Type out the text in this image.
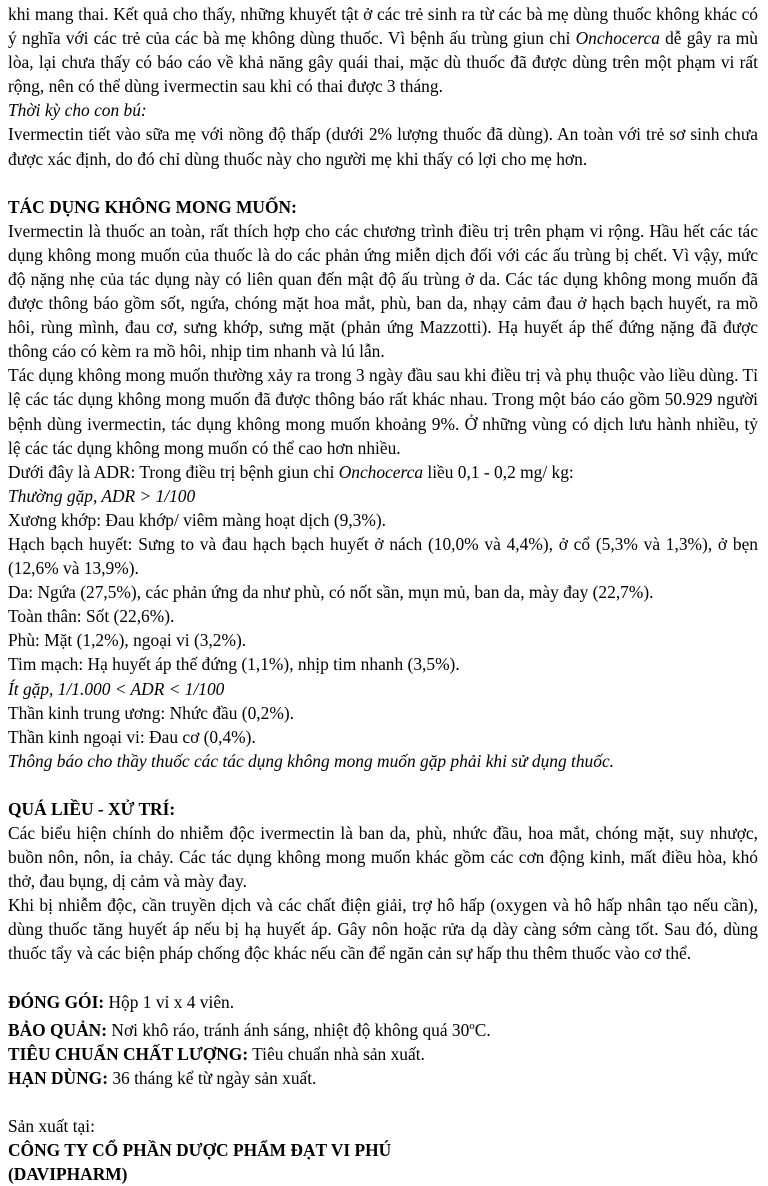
khi mang thai. Kết quả cho thấy, những khuyết tật ở các trẻ sinh ra từ các bà mẹ dùng thuốc không khác có ý nghĩa với các trẻ của các bà mẹ không dùng thuốc. Vì bệnh ấu trùng giun chỉ Onchocerca dễ gây ra mù lòa, lại chưa thấy có báo cáo về khả năng gây quái thai, mặc dù thuốc đã được dùng trên một phạm vi rất rộng, nên có thể dùng ivermectin sau khi có thai được 3 tháng.

Thời kỳ cho con bú:

Ivermectin tiết vào sữa mẹ với nồng độ thấp (dưới 2% lượng thuốc đã dùng). An toàn với trẻ sơ sinh chưa được xác định, do đó chỉ dùng thuốc này cho người mẹ khi thấy có lợi cho mẹ hơn.

TÁC DỤNG KHÔNG MONG MUỐN:

Ivermectin là thuốc an toàn, rất thích hợp cho các chương trình điều trị trên phạm vi rộng. Hầu hết các tác dụng không mong muốn của thuốc là do các phản ứng miễn dịch đối với các ấu trùng bị chết. Vì vậy, mức độ nặng nhẹ của tác dụng này có liên quan đến mật độ ấu trùng ở da. Các tác dụng không mong muốn đã được thông báo gồm sốt, ngứa, chóng mặt hoa mắt, phù, ban da, nhạy cảm đau ở hạch bạch huyết, ra mồ hôi, rùng mình, đau cơ, sưng khớp, sưng mặt (phản ứng Mazzotti). Hạ huyết áp thế đứng nặng đã được thông cáo có kèm ra mồ hôi, nhịp tim nhanh và lú lẫn.

Tác dụng không mong muốn thường xảy ra trong 3 ngày đầu sau khi điều trị và phụ thuộc vào liều dùng. Tỉ lệ các tác dụng không mong muốn đã được thông báo rất khác nhau. Trong một báo cáo gồm 50.929 người bệnh dùng ivermectin, tác dụng không mong muốn khoảng 9%. Ở những vùng có dịch lưu hành nhiều, tỷ lệ các tác dụng không mong muốn có thể cao hơn nhiều.

Dưới đây là ADR: Trong điều trị bệnh giun chỉ Onchocerca liều 0,1 - 0,2 mg/ kg:

Thường gặp, ADR > 1/100

Xương khớp: Đau khớp/ viêm màng hoạt dịch (9,3%).

Hạch bạch huyết: Sưng to và đau hạch bạch huyết ở nách (10,0% và 4,4%), ở cổ (5,3% và 1,3%), ở bẹn (12,6% và 13,9%).

Da: Ngứa (27,5%), các phản ứng da như phù, có nốt sần, mụn mủ, ban da, mày đay (22,7%).

Toàn thân: Sốt (22,6%).

Phù: Mặt (1,2%), ngoại vi (3,2%).

Tim mạch: Hạ huyết áp thế đứng (1,1%), nhịp tim nhanh (3,5%).

Ít gặp, 1/1.000 < ADR < 1/100

Thần kinh trung ương: Nhức đầu (0,2%).

Thần kinh ngoại vi: Đau cơ (0,4%).

Thông báo cho thầy thuốc các tác dụng không mong muốn gặp phải khi sử dụng thuốc.

QUÁ LIỀU - XỬ TRÍ:

Các biểu hiện chính do nhiễm độc ivermectin là ban da, phù, nhức đầu, hoa mắt, chóng mặt, suy nhược, buồn nôn, nôn, ỉa chảy. Các tác dụng không mong muốn khác gồm các cơn động kinh, mất điều hòa, khó thở, đau bụng, dị cảm và mày đay.

Khi bị nhiễm độc, cần truyền dịch và các chất điện giải, trợ hô hấp (oxygen và hô hấp nhân tạo nếu cần), dùng thuốc tăng huyết áp nếu bị hạ huyết áp. Gây nôn hoặc rửa dạ dày càng sớm càng tốt. Sau đó, dùng thuốc tẩy và các biện pháp chống độc khác nếu cần để ngăn cản sự hấp thu thêm thuốc vào cơ thể.

ĐÓNG GÓI: Hộp 1 vỉ x 4 viên.

BẢO QUẢN: Nơi khô ráo, tránh ánh sáng, nhiệt độ không quá 30$^o$C.

TIÊU CHUẨN CHẤT LƯỢNG: Tiêu chuẩn nhà sản xuất.

HẠN DÙNG: 36 tháng kể từ ngày sản xuất.

Sản xuất tại:

CÔNG TY CỔ PHẦN DƯỢC PHẨM ĐẠT VI PHÚ

(DAVIPHARM)
